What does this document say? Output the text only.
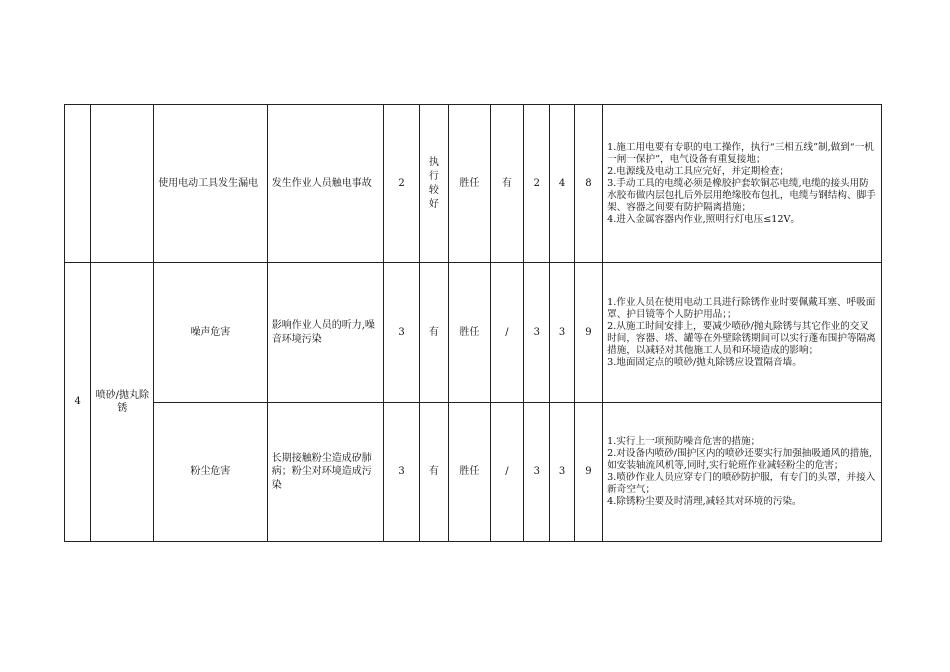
		使用电动工具发生漏电	发生作业人员触电事故	2	执行较好	胜任	有	2	4	8	1.施工用电要有专职的电工操作，执行“三相五线”制,做到“一机一闸一保护”，电气设备有重复接地；
2.电源线及电动工具应完好，并定期检查；
3.手动工具的电缆必须是橡胶护套软铜芯电缆,电缆的接头用防水胶布做内层包扎后外层用绝缘胶布包扎，电缆与钢结构、脚手架、容器之间要有防护隔离措施；
4.进入金属容器内作业,照明行灯电压≤12V。

4	喷砂/抛丸除锈	噪声危害	影响作业人员的听力,噪音环境污染	3	有	胜任	/	3	3	9	1.作业人员在使用电动工具进行除锈作业时要佩戴耳塞、呼吸面罩、护目镜等个人防护用品；；
2.从施工时间安排上，要减少喷砂/抛丸除锈与其它作业的交叉时间，容器、塔、罐等在外壁除锈期间可以实行蓬布围护等隔离措施，以减轻对其他施工人员和环境造成的影响；
3.地面固定点的喷砂/抛丸除锈应设置隔音墙。

		粉尘危害	长期接触粉尘造成矽肺病；粉尘对环境造成污染	3	有	胜任	/	3	3	9	1.实行上一项预防噪音危害的措施；
2.对设备内喷砂/围护区内的喷砂还要实行加强抽吸通风的措施,如安装轴流风机等,同时,实行轮班作业减轻粉尘的危害；
3.喷砂作业人员应穿专门的喷砂防护服，有专门的头罩，并接入新奇空气；
4.除锈粉尘要及时清理,减轻其对环境的污染。
